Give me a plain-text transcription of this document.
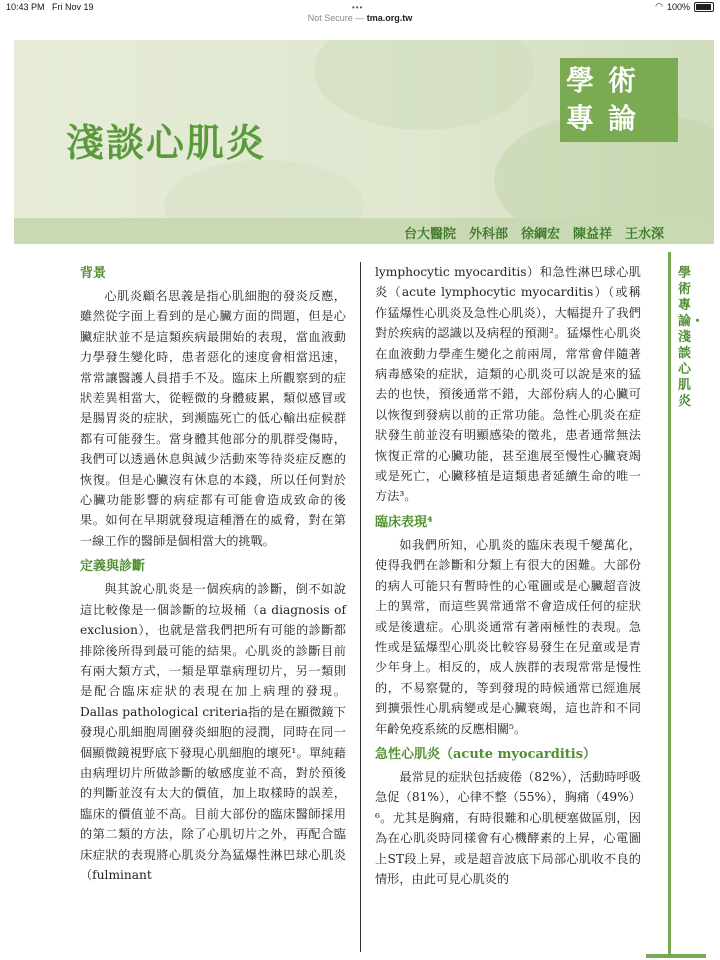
10:43 PM Fri Nov 19	•••	◠ 100%
Not Secure — tma.org.tw
學術
專論
淺談心肌炎
台大醫院　外科部　徐綱宏　陳益祥　王水深
學術專論・淺談心肌炎
背景

心肌炎顧名思義是指心肌細胞的發炎反應，雖然從字面上看到的是心臟方面的問題，但是心臟症狀並不是這類疾病最開始的表現，當血液動力學發生變化時，患者惡化的速度會相當迅速，常常讓醫護人員措手不及。臨床上所觀察到的症狀差異相當大，從輕微的身體疲累，類似感冒或是腸胃炎的症狀，到瀕臨死亡的低心輸出症候群都有可能發生。當身體其他部分的肌群受傷時，我們可以透過休息與減少活動來等待炎症反應的恢復。但是心臟沒有休息的本錢，所以任何對於心臟功能影響的病症都有可能會造成致命的後果。如何在早期就發現這種潛在的威脅，對在第一線工作的醫師是個相當大的挑戰。

定義與診斷

與其說心肌炎是一個疾病的診斷，倒不如說這比較像是一個診斷的垃圾桶（a diagnosis of exclusion），也就是當我們把所有可能的診斷都排除後所得到最可能的結果。心肌炎的診斷目前有兩大類方式，一類是單靠病理切片，另一類則是配合臨床症狀的表現在加上病理的發現。Dallas pathological criteria指的是在顯微鏡下發現心肌細胞周圍發炎細胞的浸潤，同時在同一個顯微鏡視野底下發現心肌細胞的壞死¹。單純藉由病理切片所做診斷的敏感度並不高，對於預後的判斷並沒有太大的價值，加上取樣時的誤差，臨床的價值並不高。目前大部份的臨床醫師採用的第二類的方法，除了心肌切片之外，再配合臨床症狀的表現將心肌炎分為猛爆性淋巴球心肌炎（fulminant

lymphocytic myocarditis）和急性淋巴球心肌炎（acute lymphocytic myocarditis）（或稱作猛爆性心肌炎及急性心肌炎），大幅提升了我們對於疾病的認識以及病程的預測²。猛爆性心肌炎在血液動力學產生變化之前兩周，常常會伴隨著病毒感染的症狀，這類的心肌炎可以說是來的猛去的也快，預後通常不錯，大部份病人的心臟可以恢復到發病以前的正常功能。急性心肌炎在症狀發生前並沒有明顯感染的徵兆，患者通常無法恢復正常的心臟功能，甚至進展至慢性心臟衰竭或是死亡，心臟移植是這類患者延續生命的唯一方法³。

臨床表現⁴

如我們所知，心肌炎的臨床表現千變萬化，使得我們在診斷和分類上有很大的困難。大部份的病人可能只有暫時性的心電圖或是心臟超音波上的異常，而這些異常通常不會造成任何的症狀或是後遺症。心肌炎通常有著兩極性的表現。急性或是猛爆型心肌炎比較容易發生在兒童或是青少年身上。相反的，成人族群的表現常常是慢性的，不易察覺的，等到發現的時候通常已經進展到擴張性心肌病變或是心臟衰竭，這也許和不同年齡免疫系統的反應相關⁵。

急性心肌炎（acute myocarditis）

最常見的症狀包括疲倦（82%），活動時呼吸急促（81%），心律不整（55%），胸痛（49%）⁶。尤其是胸痛，有時很難和心肌梗塞做區別，因為在心肌炎時同樣會有心機酵素的上昇，心電圖上ST段上昇，或是超音波底下局部心肌收不良的情形，由此可見心肌炎的
